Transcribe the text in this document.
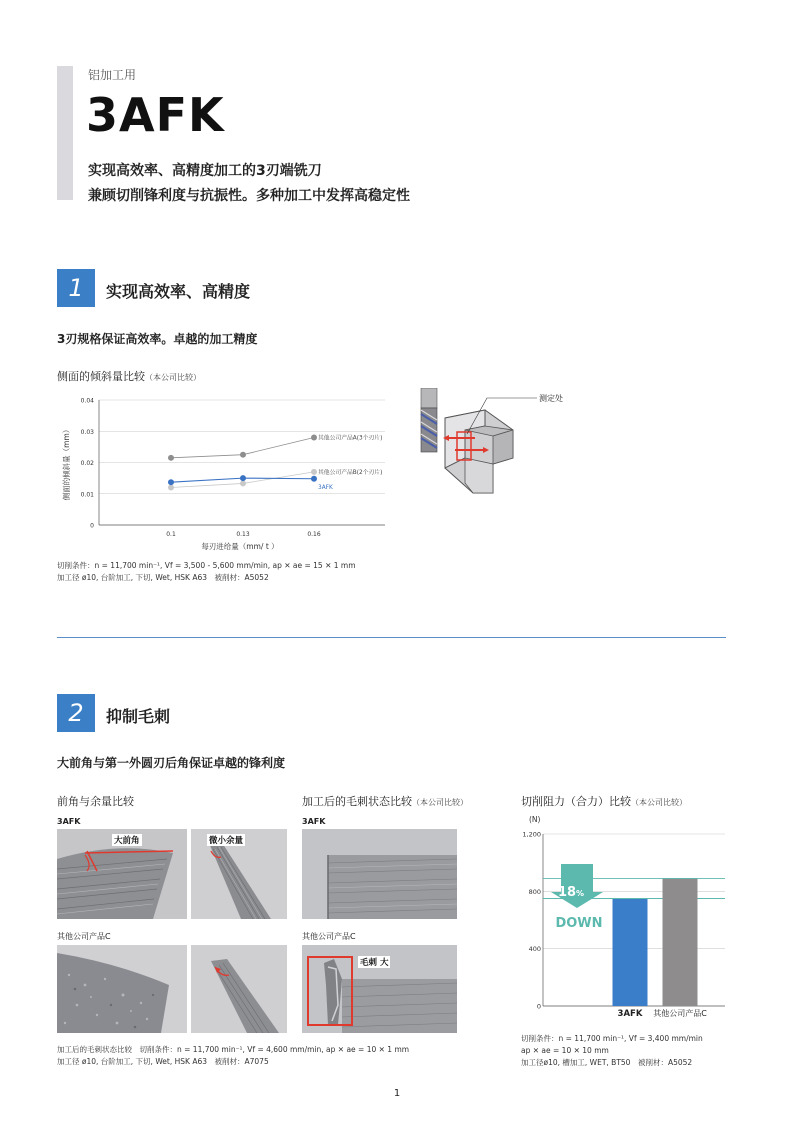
铝加工用
3AFK
实现高效率、高精度加工的3刃端铣刀
兼顾切削锋利度与抗振性。多种加工中发挥高稳定性
1	实现高效率、高精度
3刃规格保证高效率。卓越的加工精度
侧面的倾斜量比较（本公司比较）
0
0.01
0.02
0.03
0.04
0.1	0.13	0.16
其他公司产品A(3个刃片)
其他公司产品B(2个刃片)
3AFK
侧面的倾斜量（mm）
每刃进给量（mm/ t ）
测定处
切削条件：n = 11,700 min⁻¹, Vf = 3,500 - 5,600 mm/min, ap ✕ ae = 15 ✕ 1 mm
加工径 ø10, 台阶加工, 下切, Wet, HSK A63　被削材：A5052
2	抑制毛刺
大前角与第一外圆刃后角保证卓越的锋利度
前角与余量比较	加工后的毛刺状态比较（本公司比较）	切削阻力（合力）比较（本公司比较）
3AFK	3AFK
其他公司产品C	其他公司产品C
大前角	微小余量
毛刺 大
(N)
0
400
800
1,200
3AFK 其他公司产品C
18%
DOWN
加工后的毛刺状态比较　切削条件：n = 11,700 min⁻¹, Vf = 4,600 mm/min, ap ✕ ae = 10 ✕ 1 mm
加工径 ø10, 台阶加工, 下切, Wet, HSK A63　被削材：A7075
切削条件：n = 11,700 min⁻¹, Vf = 3,400 mm/min
ap ✕ ae = 10 ✕ 10 mm
加工径ø10, 槽加工, WET, BT50　被削材：A5052
1
